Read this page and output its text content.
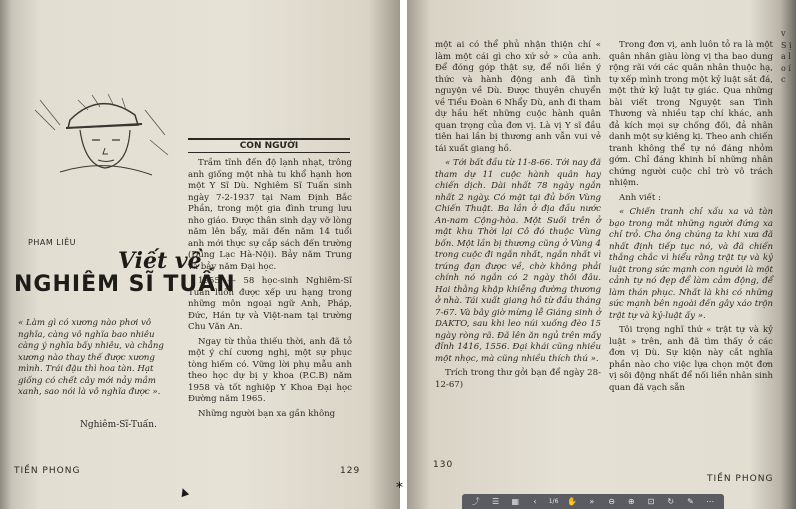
CON NGƯỜI

Trầm tĩnh đến độ lạnh nhạt, trông anh giống một nhà tu khổ hạnh hơn một Y Sĩ Dù. Nghiêm Sĩ Tuấn sinh ngày 7-2-1937 tại Nam Định Bắc Phần, trong một gia đình trung lưu nho giáo. Được thân sinh dạy vỡ lòng năm lên bẩy, mãi đến năm 14 tuổi anh mới thực sự cắp sách đến trường (Dũng Lạc Hà-Nội). Bảy năm Trung và bảy năm Đại học.

1955 — 58 học-sinh Nghiêm-Sĩ Tuấn luôn được xếp ưu hạng trong những môn ngoại ngữ Anh, Pháp, Đức, Hán tự và Việt-nam tại trường Chu Văn An.

Ngay từ thủa thiếu thời, anh đã tỏ một ý chí cương nghị, một sự phục tòng hiếm có. Vững lời phụ mẫu anh theo học dự bị y khoa (P.C.B) năm 1958 và tốt nghiệp Y Khoa Đại học Đường năm 1965.

Những người bạn xa gần không

PHAM LIÊU
Viết về
NGHIÊM SĨ TUẤN
« Làm gì có xương nào phơi vô nghĩa, càng vô nghĩa bao nhiêu càng ý nghĩa bấy nhiêu, và chẳng xương nào thay thế được xương mình. Trái đậu thì hoa tàn. Hạt giống có chết cây mới nảy mầm xanh, sao nói là vô nghĩa được ».
Nghiêm-Sĩ-Tuấn.
TIỀN PHONG	129
*

một ai có thể phủ nhận thiện chí « làm một cái gì cho xứ sở » của anh. Để đóng góp thật sự, để nối liền ý thức và hành động anh đã tình nguyện về Dù. Được thuyên chuyển về Tiểu Đoàn 6 Nhẩy Dù, anh đi tham dự hầu hết những cuộc hành quân quan trọng của đơn vị. Là vị Y sĩ đầu tiên hai lần bị thương anh vẫn vui vẻ tái xuất giang hồ.

« Tới bất đầu từ 11-8-66. Tới nay đã tham dự 11 cuộc hành quân hay chiến dịch. Dài nhất 78 ngày ngắn nhất 2 ngày. Có mặt tại đủ bốn Vùng Chiến Thuật. Ba lần ở địa đầu nước An-nam Cộng-hòa. Một Suối trên ở mật khu Thời lại Cô đó thuộc Vùng bốn. Một lần bị thương cũng ở Vùng 4 trong cuộc đi ngắn nhất, ngắn nhất vì trúng đạn được về, chờ không phải chính nó ngắn có 2 ngày thôi đâu. Hai thằng khập khiễng đường thương ở nhà. Tái xuất giang hồ từ đầu tháng 7-67. Và bây giờ mừng lễ Giáng sinh ở DAKTO, sau khi leo núi xuống đèo 15 ngày ròng rã. Đã lên ăn ngủ trên mấy đỉnh 1416, 1556. Đại khái cũng nhiều một nhọc, mà cũng nhiều thích thú ».

Trích trong thư gởi bạn để ngày 28-12-67)

Trong đơn vị, anh luôn tỏ ra là một quân nhân giàu lòng vị tha bao dung rộng rãi với các quân nhân thuộc hạ, tự xếp mình trong một kỷ luật sắt đá, một thứ kỷ luật tự giác. Qua những bài viết trong Nguyệt san Tình Thương và nhiều tạp chí khác, anh đả kích mọi sự chống đối, đả nhân danh một sự kiêng kị. Theo anh chiến tranh không thể tự nó đáng nhỏm gớm. Chỉ đáng khinh bỉ những nhân chứng người cuộc chỉ trò vô trách nhiệm.

Anh viết :

« Chiến tranh chỉ xấu xa và tàn bạo trong mắt những người đứng xa chỉ trỏ. Cha ông chúng ta khi xưa đã nhất định tiếp tục nó, và đã chiến thắng chắc vì hiểu rằng trật tự và kỷ luật trong sức mạnh con người là một cảnh tự nó đẹp để làm cảm động, để làm thán phục. Nhất là khi có những sức mạnh bên ngoài đến gây xáo trộn trật tự và kỷ-luật ấy ».

Tôi trọng nghĩ thứ « trật tự và kỷ luật » trên, anh đã tìm thấy ở các đơn vị Dù. Sự kiện này cắt nghĩa phần nào cho việc lựa chọn một đơn vị sôi động nhất để nối liền nhân sinh quan đã vạch sẵn

v S ị a l o í c
130
TIỀN PHONG
⤴	☰	▦	‹	1/6 ✋	»	⊖	⊕	⊡	↻	✎	⋯
